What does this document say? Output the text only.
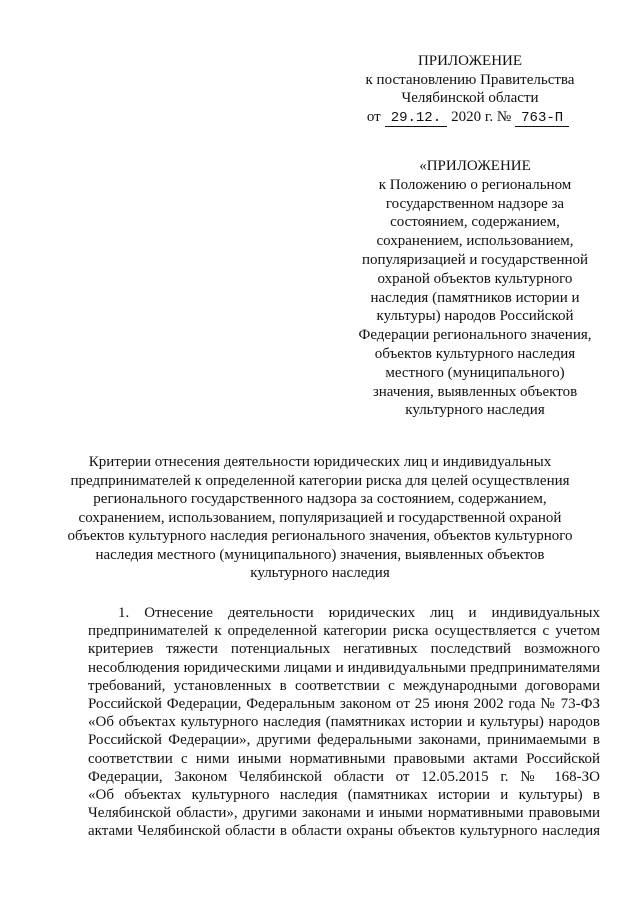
ПРИЛОЖЕНИЕ
к постановлению Правительства
Челябинской области
от 29.12. 2020 г. № 763-П
«ПРИЛОЖЕНИЕ
к Положению о региональном
государственном надзоре за
состоянием, содержанием,
сохранением, использованием,
популяризацией и государственной
охраной объектов культурного
наследия (памятников истории и
культуры) народов Российской
Федерации регионального значения,
объектов культурного наследия
местного (муниципального)
значения, выявленных объектов
культурного наследия
Критерии отнесения деятельности юридических лиц и индивидуальных
предпринимателей к определенной категории риска для целей осуществления
регионального государственного надзора за состоянием, содержанием,
сохранением, использованием, популяризацией и государственной охраной
объектов культурного наследия регионального значения, объектов культурного
наследия местного (муниципального) значения, выявленных объектов
культурного наследия
1. Отнесение деятельности юридических лиц и индивидуальных
предпринимателей к определенной категории риска осуществляется с учетом
критериев тяжести потенциальных негативных последствий возможного
несоблюдения юридическими лицами и индивидуальными предпринимателями
требований, установленных в соответствии с международными договорами
Российской Федерации, Федеральным законом от 25 июня 2002 года № 73-ФЗ
«Об объектах культурного наследия (памятниках истории и культуры) народов
Российской Федерации», другими федеральными законами, принимаемыми в
соответствии с ними иными нормативными правовыми актами Российской
Федерации, Законом Челябинской области от 12.05.2015 г. № 168-ЗО
«Об объектах культурного наследия (памятниках истории и культуры) в
Челябинской области», другими законами и иными нормативными правовыми
актами Челябинской области в области охраны объектов культурного наследия
